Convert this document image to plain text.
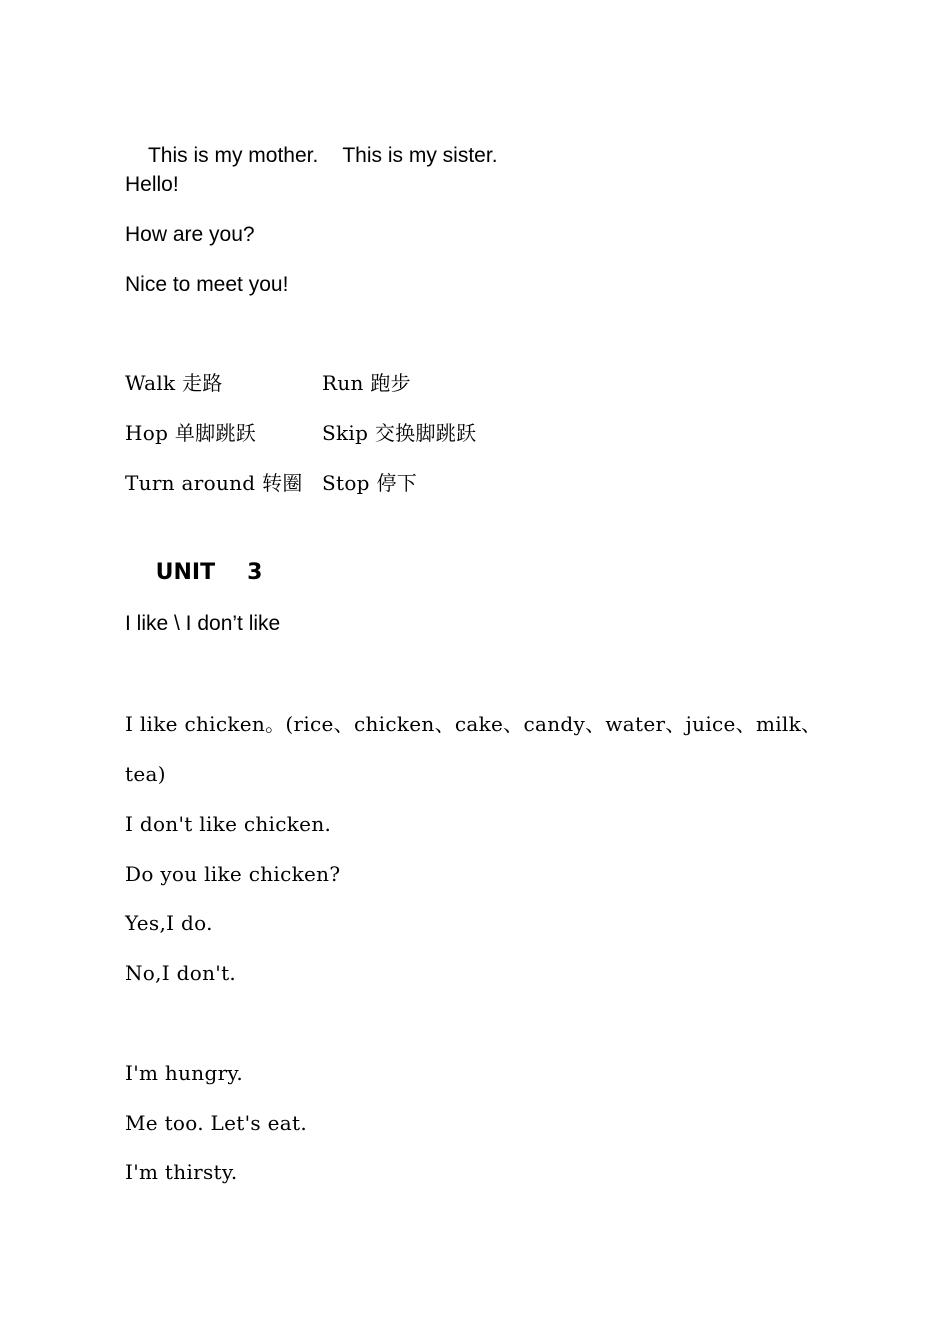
This is my mother. This is my sister.

Hello!
How are you?
Nice to meet you!
Walk 走路	Run 跑步
Hop 单脚跳跃	Skip 交换脚跳跃
Turn around 转圈 Stop 停下

UNIT 3

I like \ I don’t like
I like chicken。(rice、chicken、cake、candy、water、juice、milk、
tea)
I don't like chicken.
Do you like chicken?
Yes,I do.
No,I don't.
I'm hungry.
Me too. Let's eat.
I'm thirsty.
